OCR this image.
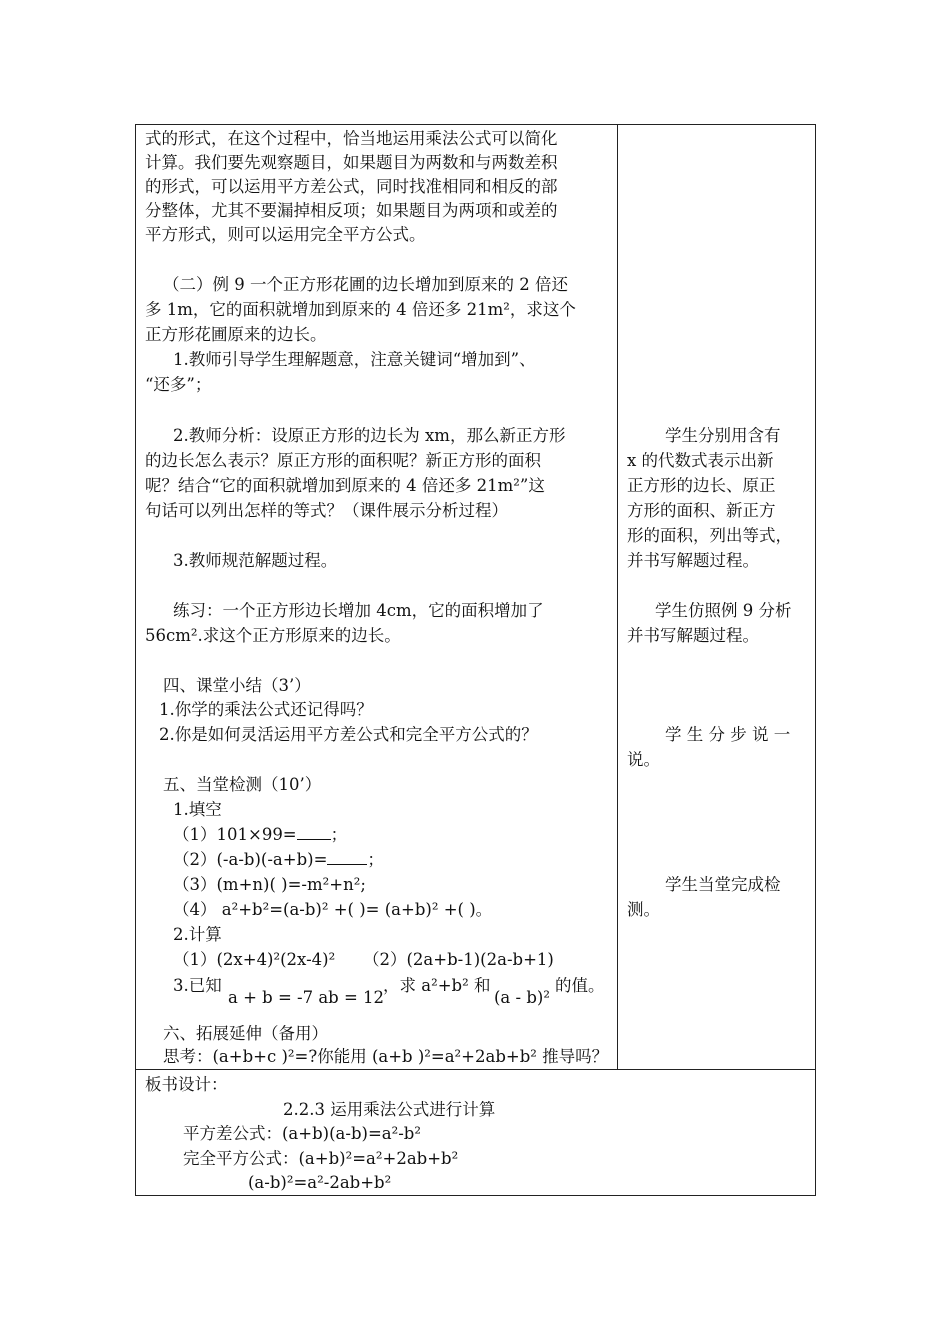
式的形式，在这个过程中，恰当地运用乘法公式可以简化
计算。我们要先观察题目，如果题目为两数和与两数差积
的形式，可以运用平方差公式，同时找准相同和相反的部
分整体，尤其不要漏掉相反项；如果题目为两项和或差的
平方形式，则可以运用完全平方公式。
（二）例 9 一个正方形花圃的边长增加到原来的 2 倍还
多 1m，它的面积就增加到原来的 4 倍还多 21m²，求这个
正方形花圃原来的边长。
1.教师引导学生理解题意，注意关键词“增加到”、
“还多”；
2.教师分析：设原正方形的边长为 xm，那么新正方形
的边长怎么表示？原正方形的面积呢？新正方形的面积
呢？结合“它的面积就增加到原来的 4 倍还多 21m²”这
句话可以列出怎样的等式？（课件展示分析过程）
3.教师规范解题过程。
练习：一个正方形边长增加 4cm，它的面积增加了
56cm².求这个正方形原来的边长。
四、课堂小结（3’）
1.你学的乘法公式还记得吗？
2.你是如何灵活运用平方差公式和完全平方公式的？
五、当堂检测（10’）
1.填空
（1）101×99= ；
（2）(-a-b)(-a+b)= ；
（3）(m+n)( )=-m²+n²;
（4） a²+b²=(a-b)² +( )= (a+b)² +( )。
2.计算
（1）(2x+4)²(2x-4)² （2）(2a+b-1)(2a-b+1)
3.已知
a + b = -7 ab = 12
，求 a²+b² 和
(a - b)²
的值。
六、拓展延伸（备用）
思考：(a+b+c )²=?你能用 (a+b )²=a²+2ab+b² 推导吗？
学生分别用含有
x 的代数式表示出新
正方形的边长、原正
方形的面积、新正方
形的面积，列出等式，
并书写解题过程。
学生仿照例 9 分析
并书写解题过程。
学 生 分 步 说 一
说。
学生当堂完成检
测。
板书设计：
2.2.3 运用乘法公式进行计算
平方差公式：(a+b)(a-b)=a²-b²
完全平方公式：(a+b)²=a²+2ab+b²
(a-b)²=a²-2ab+b²
